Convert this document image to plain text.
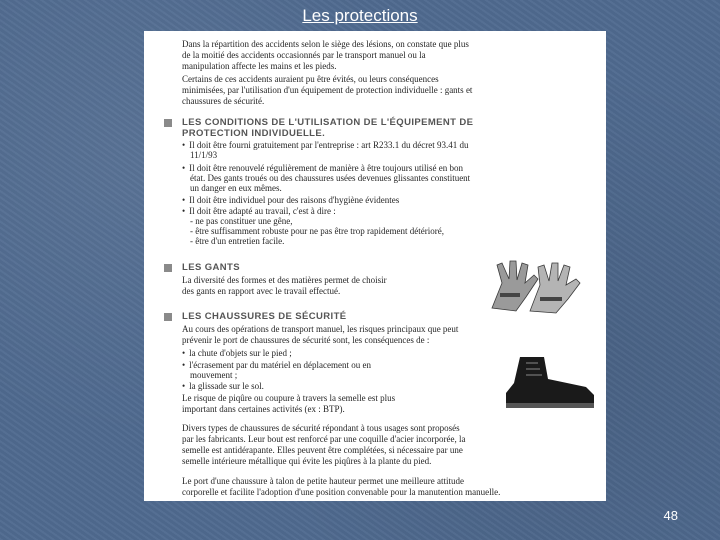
Les protections
Dans la répartition des accidents selon le siège des lésions, on constate que plus
de la moitié des accidents occasionnés par le transport manuel ou la
manipulation affecte les mains et les pieds.
Certains de ces accidents auraient pu être évités, ou leurs conséquences
minimisées, par l'utilisation d'un équipement de protection individuelle : gants et
chaussures de sécurité.
LES CONDITIONS DE L'UTILISATION DE L'ÉQUIPEMENT DE
PROTECTION INDIVIDUELLE.
• Il doit être fourni gratuitement par l'entreprise : art R233.1 du décret 93.41 du
11/1/93
• Il doit être renouvelé régulièrement de manière à être toujours utilisé en bon
état. Des gants troués ou des chaussures usées devenues glissantes constituent
un danger en eux mêmes.
• Il doit être individuel pour des raisons d'hygiène évidentes
• Il doit être adapté au travail, c'est à dire :
- ne pas constituer une gêne,
- être suffisamment robuste pour ne pas être trop rapidement détérioré,
- être d'un entretien facile.
LES GANTS
La diversité des formes et des matières permet de choisir
des gants en rapport avec le travail effectué.
LES CHAUSSURES DE SÉCURITÉ
Au cours des opérations de transport manuel, les risques principaux que peut
prévenir le port de chaussures de sécurité sont, les conséquences de :
• la chute d'objets sur le pied ;
• l'écrasement par du matériel en déplacement ou en
mouvement ;
• la glissade sur le sol.
Le risque de piqûre ou coupure à travers la semelle est plus
important dans certaines activités (ex : BTP).
Divers types de chaussures de sécurité répondant à tous usages sont proposés
par les fabricants. Leur bout est renforcé par une coquille d'acier incorporée, la
semelle est antidérapante. Elles peuvent être complétées, si nécessaire par une
semelle intérieure métallique qui évite les piqûres à la plante du pied.
Le port d'une chaussure à talon de petite hauteur permet une meilleure attitude
corporelle et facilite l'adoption d'une position convenable pour la manutention manuelle.
48
